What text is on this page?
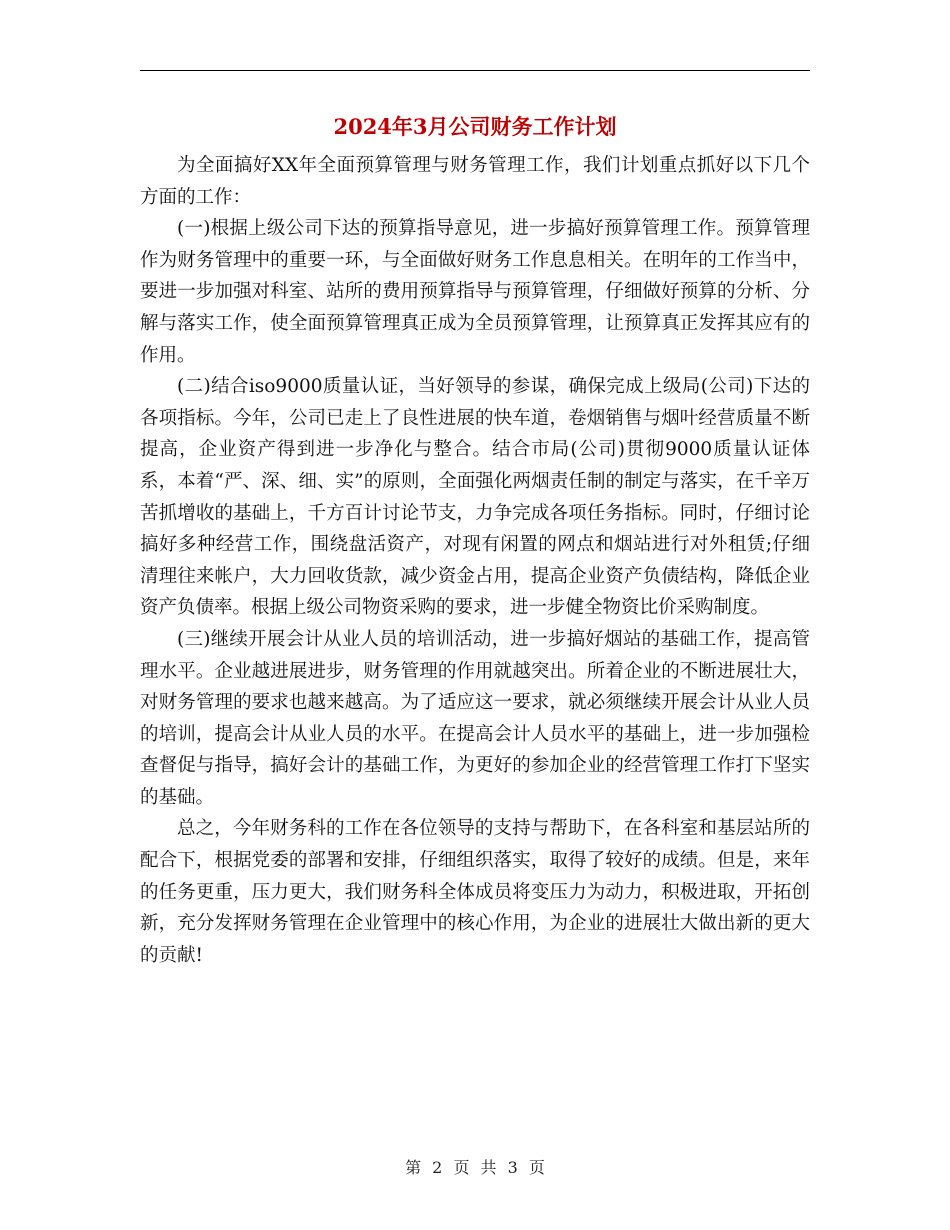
2024年3月公司财务工作计划

为全面搞好XX年全面预算管理与财务管理工作，我们计划重点抓好以下几个方面的工作：

(一)根据上级公司下达的预算指导意见，进一步搞好预算管理工作。预算管理作为财务管理中的重要一环，与全面做好财务工作息息相关。在明年的工作当中，要进一步加强对科室、站所的费用预算指导与预算管理，仔细做好预算的分析、分解与落实工作，使全面预算管理真正成为全员预算管理，让预算真正发挥其应有的作用。

(二)结合iso9000质量认证，当好领导的参谋，确保完成上级局(公司)下达的各项指标。今年，公司已走上了良性进展的快车道，卷烟销售与烟叶经营质量不断提高，企业资产得到进一步净化与整合。结合市局(公司)贯彻9000质量认证体系，本着“严、深、细、实”的原则，全面强化两烟责任制的制定与落实，在千辛万苦抓增收的基础上，千方百计讨论节支，力争完成各项任务指标。同时，仔细讨论搞好多种经营工作，围绕盘活资产，对现有闲置的网点和烟站进行对外租赁;仔细清理往来帐户，大力回收货款，减少资金占用，提高企业资产负债结构，降低企业资产负债率。根据上级公司物资采购的要求，进一步健全物资比价采购制度。

(三)继续开展会计从业人员的培训活动，进一步搞好烟站的基础工作，提高管理水平。企业越进展进步，财务管理的作用就越突出。所着企业的不断进展壮大，对财务管理的要求也越来越高。为了适应这一要求，就必须继续开展会计从业人员的培训，提高会计从业人员的水平。在提高会计人员水平的基础上，进一步加强检查督促与指导，搞好会计的基础工作，为更好的参加企业的经营管理工作打下坚实的基础。

总之，今年财务科的工作在各位领导的支持与帮助下，在各科室和基层站所的配合下，根据党委的部署和安排，仔细组织落实，取得了较好的成绩。但是，来年的任务更重，压力更大，我们财务科全体成员将变压力为动力，积极进取，开拓创新，充分发挥财务管理在企业管理中的核心作用，为企业的进展壮大做出新的更大的贡献!

第 2 页 共 3 页
